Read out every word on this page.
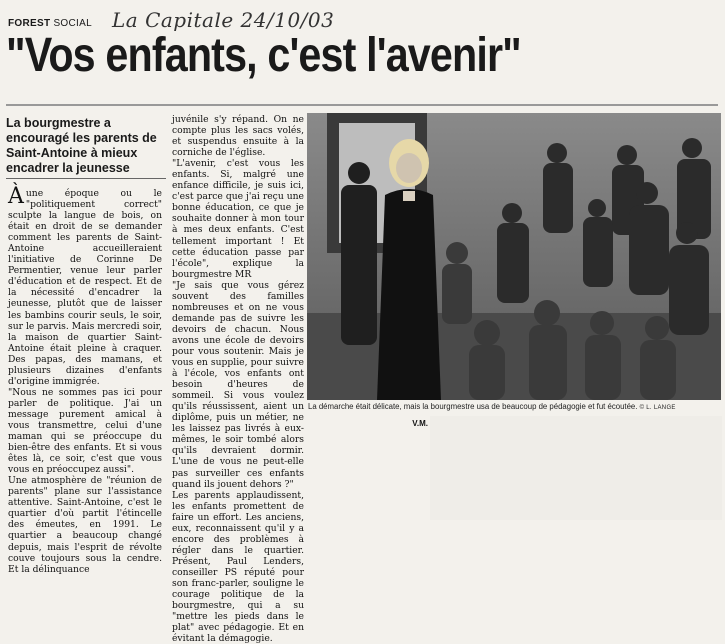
FOREST SOCIAL La Capitale 24/10/03
"Vos enfants, c'est l'avenir"
La bourgmestre a encouragé les parents de Saint-Antoine à mieux encadrer la jeunesse

À une époque ou le "politiquement correct" sculpte la langue de bois, on était en droit de se demander comment les parents de Saint-Antoine accueilleraient l'initiative de Corinne De Permentier, venue leur parler d'éducation et de respect. Et de la nécessité d'encadrer la jeunesse, plutôt que de laisser les bambins courir seuls, le soir, sur le parvis. Mais mercredi soir, la maison de quartier Saint-Antoine était pleine à craquer. Des papas, des mamans, et plusieurs dizaines d'enfants d'origine immigrée.

"Nous ne sommes pas ici pour parler de politique. J'ai un message purement amical à vous transmettre, celui d'une maman qui se préoccupe du bien-être des enfants. Et si vous êtes là, ce soir, c'est que vous vous en préoccupez aussi".

Une atmosphère de "réunion de parents" plane sur l'assistance attentive. Saint-Antoine, c'est le quartier d'où partit l'étincelle des émeutes, en 1991. Le quartier a beaucoup changé depuis, mais l'esprit de révolte couve toujours sous la cendre. Et la délinquance

juvénile s'y répand. On ne compte plus les sacs volés, et suspendus ensuite à la corniche de l'église.

"L'avenir, c'est vous les enfants. Si, malgré une enfance difficile, je suis ici, c'est parce que j'ai reçu une bonne éducation, ce que je souhaite donner à mon tour à mes deux enfants. C'est tellement important ! Et cette éducation passe par l'école", explique la bourgmestre MR

"Je sais que vous gérez souvent des familles nombreuses et on ne vous demande pas de suivre les devoirs de chacun. Nous avons une école de devoirs pour vous soutenir. Mais je vous en supplie, pour suivre à l'école, vos enfants ont besoin d'heures de sommeil. Si vous voulez qu'ils réussissent, aient un diplôme, puis un métier, ne les laissez pas livrés à eux-mêmes, le soir tombé alors qu'ils devraient dormir. L'une de vous ne peut-elle pas surveiller ces enfants quand ils jouent dehors ?"

Les parents applaudissent, les enfants promettent de faire un effort. Les anciens, eux, reconnaissent qu'il y a encore des problèmes à régler dans le quartier. Présent, Paul Lenders, conseiller PS réputé pour son franc-parler, souligne le courage politique de la bourgmestre, qui a su "mettre les pieds dans le plat" avec pédagogie. Et en évitant la démagogie.

La démarche était délicate, mais la bourgmestre usa de beaucoup de pédagogie et fut écoutée. © L. LANGE

V.M.
